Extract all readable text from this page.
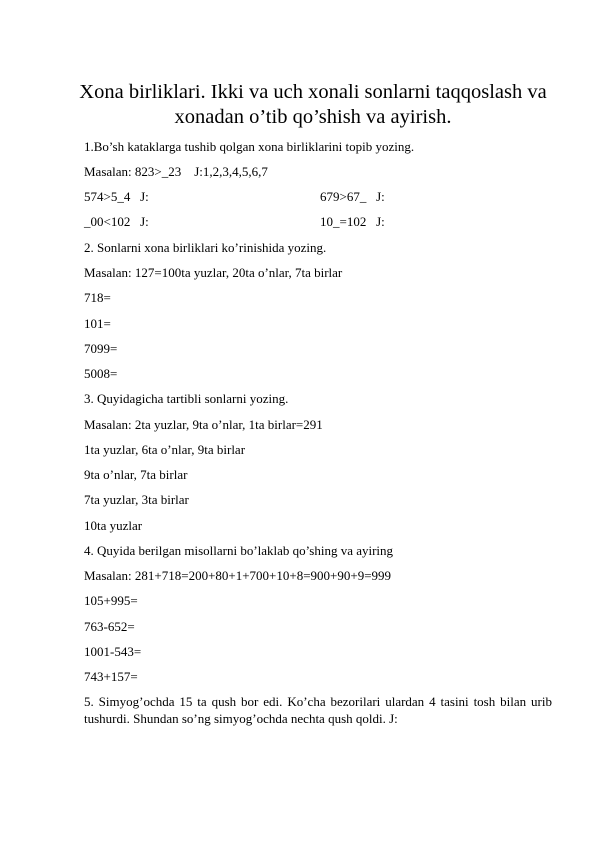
Xona birliklari. Ikki va uch xonali sonlarni taqqoslash va xonadan o’tib qo’shish va ayirish.
1.Bo’sh kataklarga tushib qolgan xona birliklarini topib yozing.
Masalan: 823>_23    J:1,2,3,4,5,6,7
574>5_4   J:	679>67_   J:
_00<102   J:	10_=102   J:
2. Sonlarni xona birliklari ko’rinishida yozing.
Masalan: 127=100ta yuzlar, 20ta o’nlar, 7ta birlar
718=
101=
7099=
5008=
3. Quyidagicha tartibli sonlarni yozing.
Masalan: 2ta yuzlar, 9ta o’nlar, 1ta birlar=291
1ta yuzlar, 6ta o’nlar, 9ta birlar
9ta o’nlar, 7ta birlar
7ta yuzlar, 3ta birlar
10ta yuzlar
4. Quyida berilgan misollarni bo’laklab qo’shing va ayiring
Masalan: 281+718=200+80+1+700+10+8=900+90+9=999
105+995=
763-652=
1001-543=
743+157=
5. Simyog’ochda 15 ta qush bor edi. Ko’cha bezorilari ulardan 4 tasini tosh bilan urib tushurdi. Shundan so’ng simyog’ochda nechta qush qoldi. J:
